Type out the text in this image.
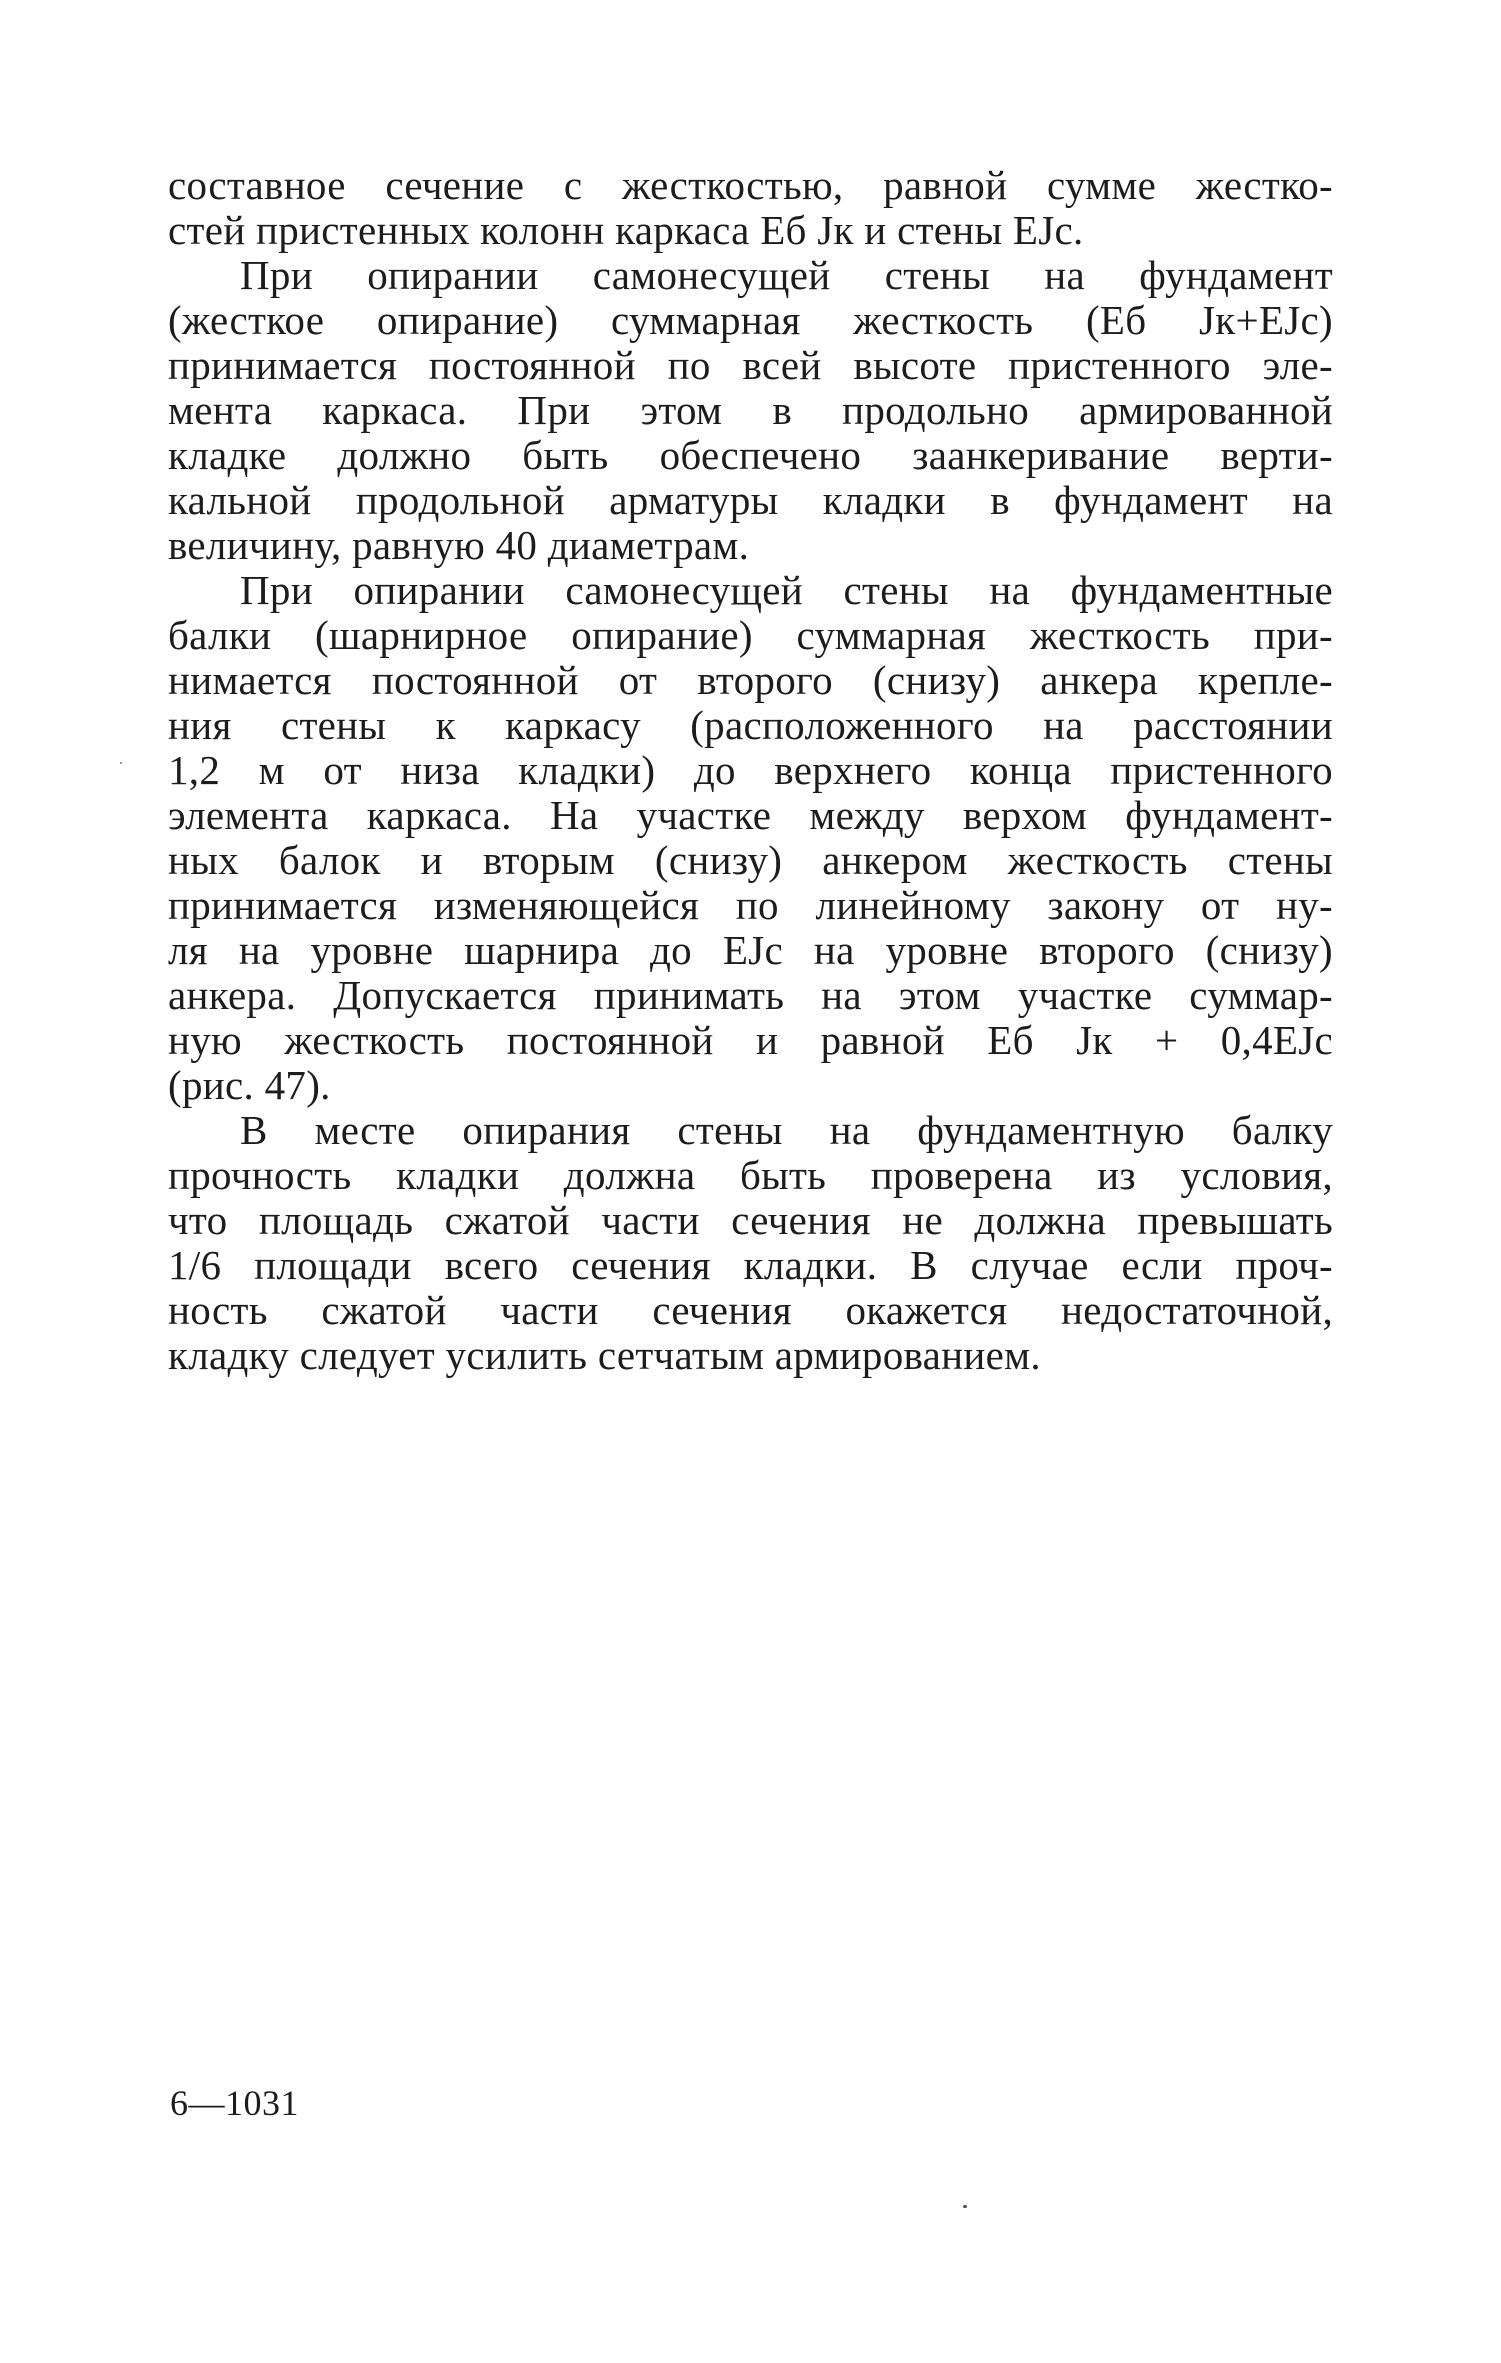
составное сечение с жесткостью, равной сумме жестко-
стей пристенных колонн каркаса Eб Jк и стены EJc.
При опирании самонесущей стены на фундамент
(жесткое опирание) суммарная жесткость (Eб Jк+EJc)
принимается постоянной по всей высоте пристенного эле-
мента каркаса. При этом в продольно армированной
кладке должно быть обеспечено заанкеривание верти-
кальной продольной арматуры кладки в фундамент на
величину, равную 40 диаметрам.
При опирании самонесущей стены на фундаментные
балки (шарнирное опирание) суммарная жесткость при-
нимается постоянной от второго (снизу) анкера крепле-
ния стены к каркасу (расположенного на расстоянии
1,2 м от низа кладки) до верхнего конца пристенного
элемента каркаса. На участке между верхом фундамент-
ных балок и вторым (снизу) анкером жесткость стены
принимается изменяющейся по линейному закону от ну-
ля на уровне шарнира до EJc на уровне второго (снизу)
анкера. Допускается принимать на этом участке суммар-
ную жесткость постоянной и равной Eб Jк + 0,4EJc
(рис. 47).
В месте опирания стены на фундаментную балку
прочность кладки должна быть проверена из условия,
что площадь сжатой части сечения не должна превышать
1/6 площади всего сечения кладки. В случае если проч-
ность сжатой части сечения окажется недостаточной,
кладку следует усилить сетчатым армированием.
6—1031
